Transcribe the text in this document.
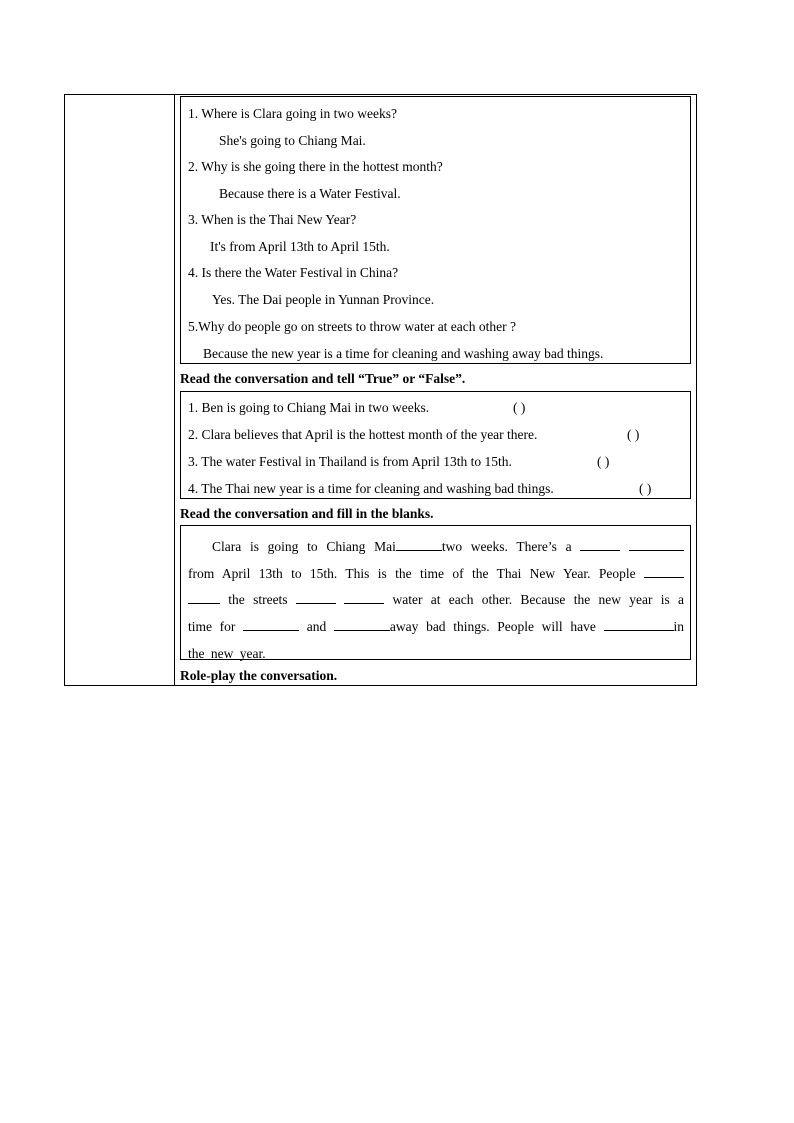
1. Where is Clara going in two weeks?
She's going to Chiang Mai.
2. Why is she going there in the hottest month?
Because there is a Water Festival.
3. When is the Thai New Year?
It's from April 13th to April 15th.
4. Is there the Water Festival in China?
Yes. The Dai people in Yunnan Province.
5.Why do people go on streets to throw water at each other ?
Because the new year is a time for cleaning and washing away bad things.
Read the conversation and tell “True” or “False”.
1. Ben is going to Chiang Mai in two weeks.	( )
2. Clara believes that April is the hottest month of the year there.	( )
3. The water Festival in Thailand is from April 13th to 15th.	( )
4. The Thai new year is a time for cleaning and washing bad things.	( )
Read the conversation and fill in the blanks.
Clara is going to Chiang Mai	two weeks. There’s a  from April 13th to 15th. This is the time of the Thai New Year. People   the streets	water at each other. Because the new year is a time for	and	away bad things. People will have	in the new year.
Role-play the conversation.
